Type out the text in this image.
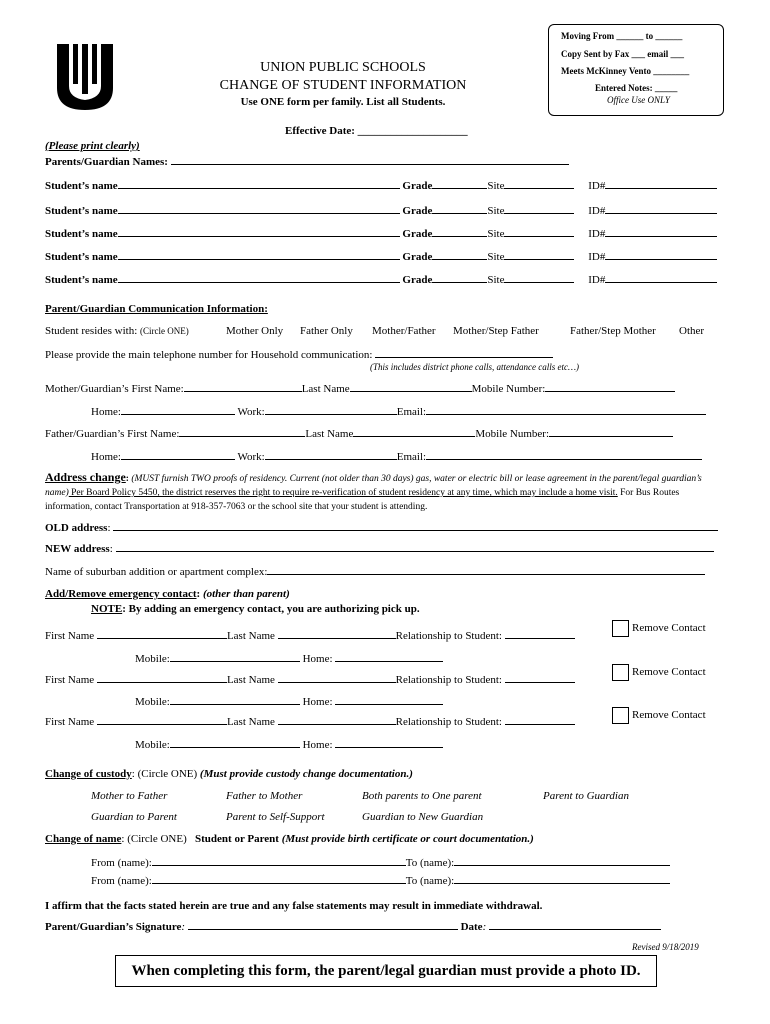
Moving From ______ to ______
Copy Sent by Fax ___ email ___
Meets McKinney Vento ________
Entered Notes: _____
Office Use ONLY
UNION PUBLIC SCHOOLS
CHANGE OF STUDENT INFORMATION
Use ONE form per family. List all Students.
Effective Date: ____________________
(Please print clearly)
Parents/Guardian Names:
Student’s name	Grade	Site	ID#
Student’s name	Grade	Site	ID#
Student’s name	Grade	Site	ID#
Student’s name	Grade	Site	ID#
Student’s name	Grade	Site	ID#
Parent/Guardian Communication Information:
Student resides with: (Circle ONE)	Mother Only Father Only Mother/Father Mother/Step Father	Father/Step Mother Other
Please provide the main telephone number for Household communication:
(This includes district phone calls, attendance calls etc…)
Mother/Guardian’s First Name:	Last Name	Mobile Number:
Home:	Work:	Email:
Father/Guardian’s First Name:	Last Name	Mobile Number:
Home:	Work:	Email:
Address change: (MUST furnish TWO proofs of residency. Current (not older than 30 days) gas, water or electric bill or lease agreement in the parent/legal guardian’s name) Per Board Policy 5450, the district reserves the right to require re-verification of student residency at any time, which may include a home visit. For Bus Routes information, contact Transportation at 918-357-7063 or the school site that your student is attending.
OLD address:
NEW address:
Name of suburban addition or apartment complex:
Add/Remove emergency contact: (other than parent)
NOTE: By adding an emergency contact, you are authorizing pick up.
First Name	Last Name	Relationship to Student:
Remove Contact
Mobile:	Home:
First Name	Last Name	Relationship to Student:
Remove Contact
Mobile:	Home:
First Name	Last Name	Relationship to Student:
Remove Contact
Mobile:	Home:
Change of custody: (Circle ONE) (Must provide custody change documentation.)
Mother to Father	Father to Mother	Both parents to One parent	Parent to Guardian
Guardian to Parent	Parent to Self-Support	Guardian to New Guardian
Change of name: (Circle ONE) Student or Parent (Must provide birth certificate or court documentation.)
From (name):	To (name):
From (name):	To (name):
I affirm that the facts stated herein are true and any false statements may result in immediate withdrawal.
Parent/Guardian’s Signature:	Date:
Revised 9/18/2019
When completing this form, the parent/legal guardian must provide a photo ID.
